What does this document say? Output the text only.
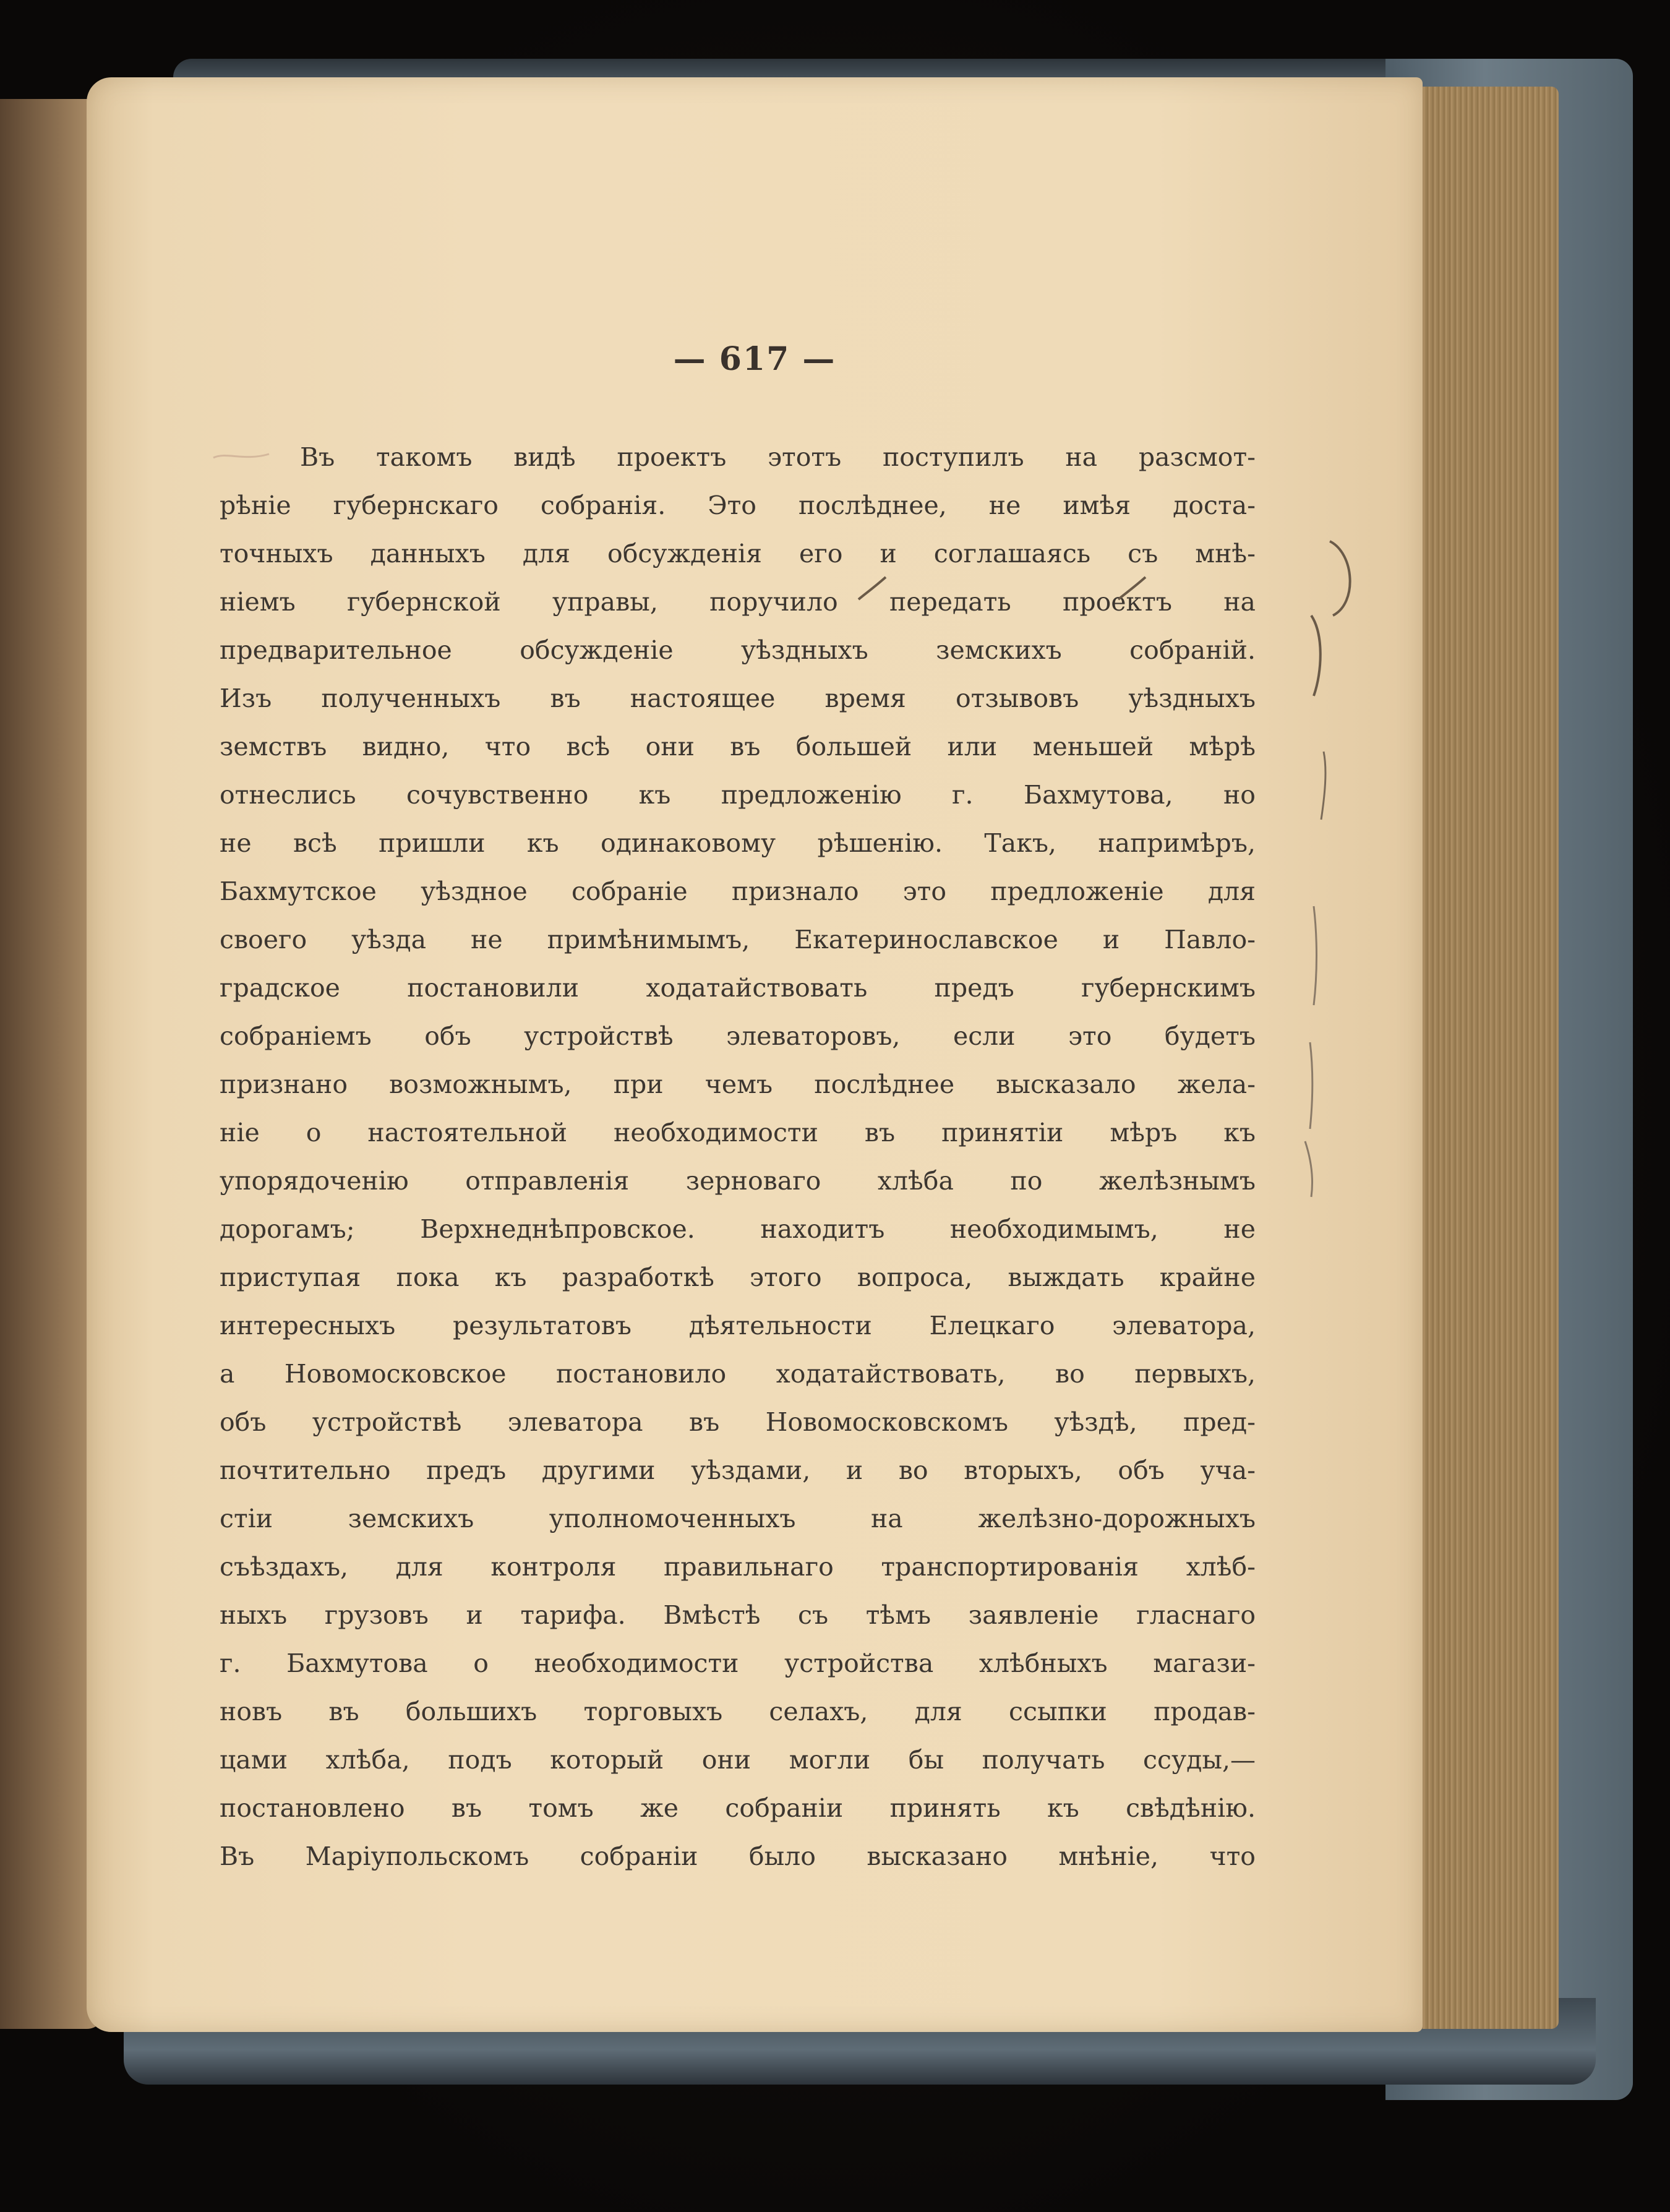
— 617 —
Въ такомъ видѣ проектъ этотъ поступилъ на разсмот-
рѣніе губернскаго собранія. Это послѣднее, не имѣя доста-
точныхъ данныхъ для обсужденія его и соглашаясь съ мнѣ-
ніемъ губернской управы, поручило передать проектъ на
предварительное обсужденіе уѣздныхъ земскихъ собраній.
Изъ полученныхъ въ настоящее время отзывовъ уѣздныхъ
земствъ видно, что всѣ они въ большей или меньшей мѣрѣ
отнеслись сочувственно къ предложенію г. Бахмутова, но
не всѣ пришли къ одинаковому рѣшенію. Такъ, напримѣръ,
Бахмутское уѣздное собраніе признало это предложеніе для
своего уѣзда не примѣнимымъ, Екатеринославское и Павло-
градское постановили ходатайствовать предъ губернскимъ
собраніемъ объ устройствѣ элеваторовъ, если это будетъ
признано возможнымъ, при чемъ послѣднее высказало жела-
ніе о настоятельной необходимости въ принятіи мѣръ къ
упорядоченію отправленія зерноваго хлѣба по желѣзнымъ
дорогамъ; Верхнеднѣпровское. находитъ необходимымъ, не
приступая пока къ разработкѣ этого вопроса, выждать крайне
интересныхъ результатовъ дѣятельности Елецкаго элеватора,
а Новомосковское постановило ходатайствовать, во первыхъ,
объ устройствѣ элеватора въ Новомосковскомъ уѣздѣ, пред-
почтительно предъ другими уѣздами, и во вторыхъ, объ уча-
стіи земскихъ уполномоченныхъ на желѣзно-дорожныхъ
съѣздахъ, для контроля правильнаго транспортированія хлѣб-
ныхъ грузовъ и тарифа. Вмѣстѣ съ тѣмъ заявленіе гласнаго
г. Бахмутова о необходимости устройства хлѣбныхъ магази-
новъ въ большихъ торговыхъ селахъ, для ссыпки продав-
цами хлѣба, подъ который они могли бы получать ссуды,—
постановлено въ томъ же собраніи принять къ свѣдѣнію.
Въ Маріупольскомъ собраніи было высказано мнѣніе, что
